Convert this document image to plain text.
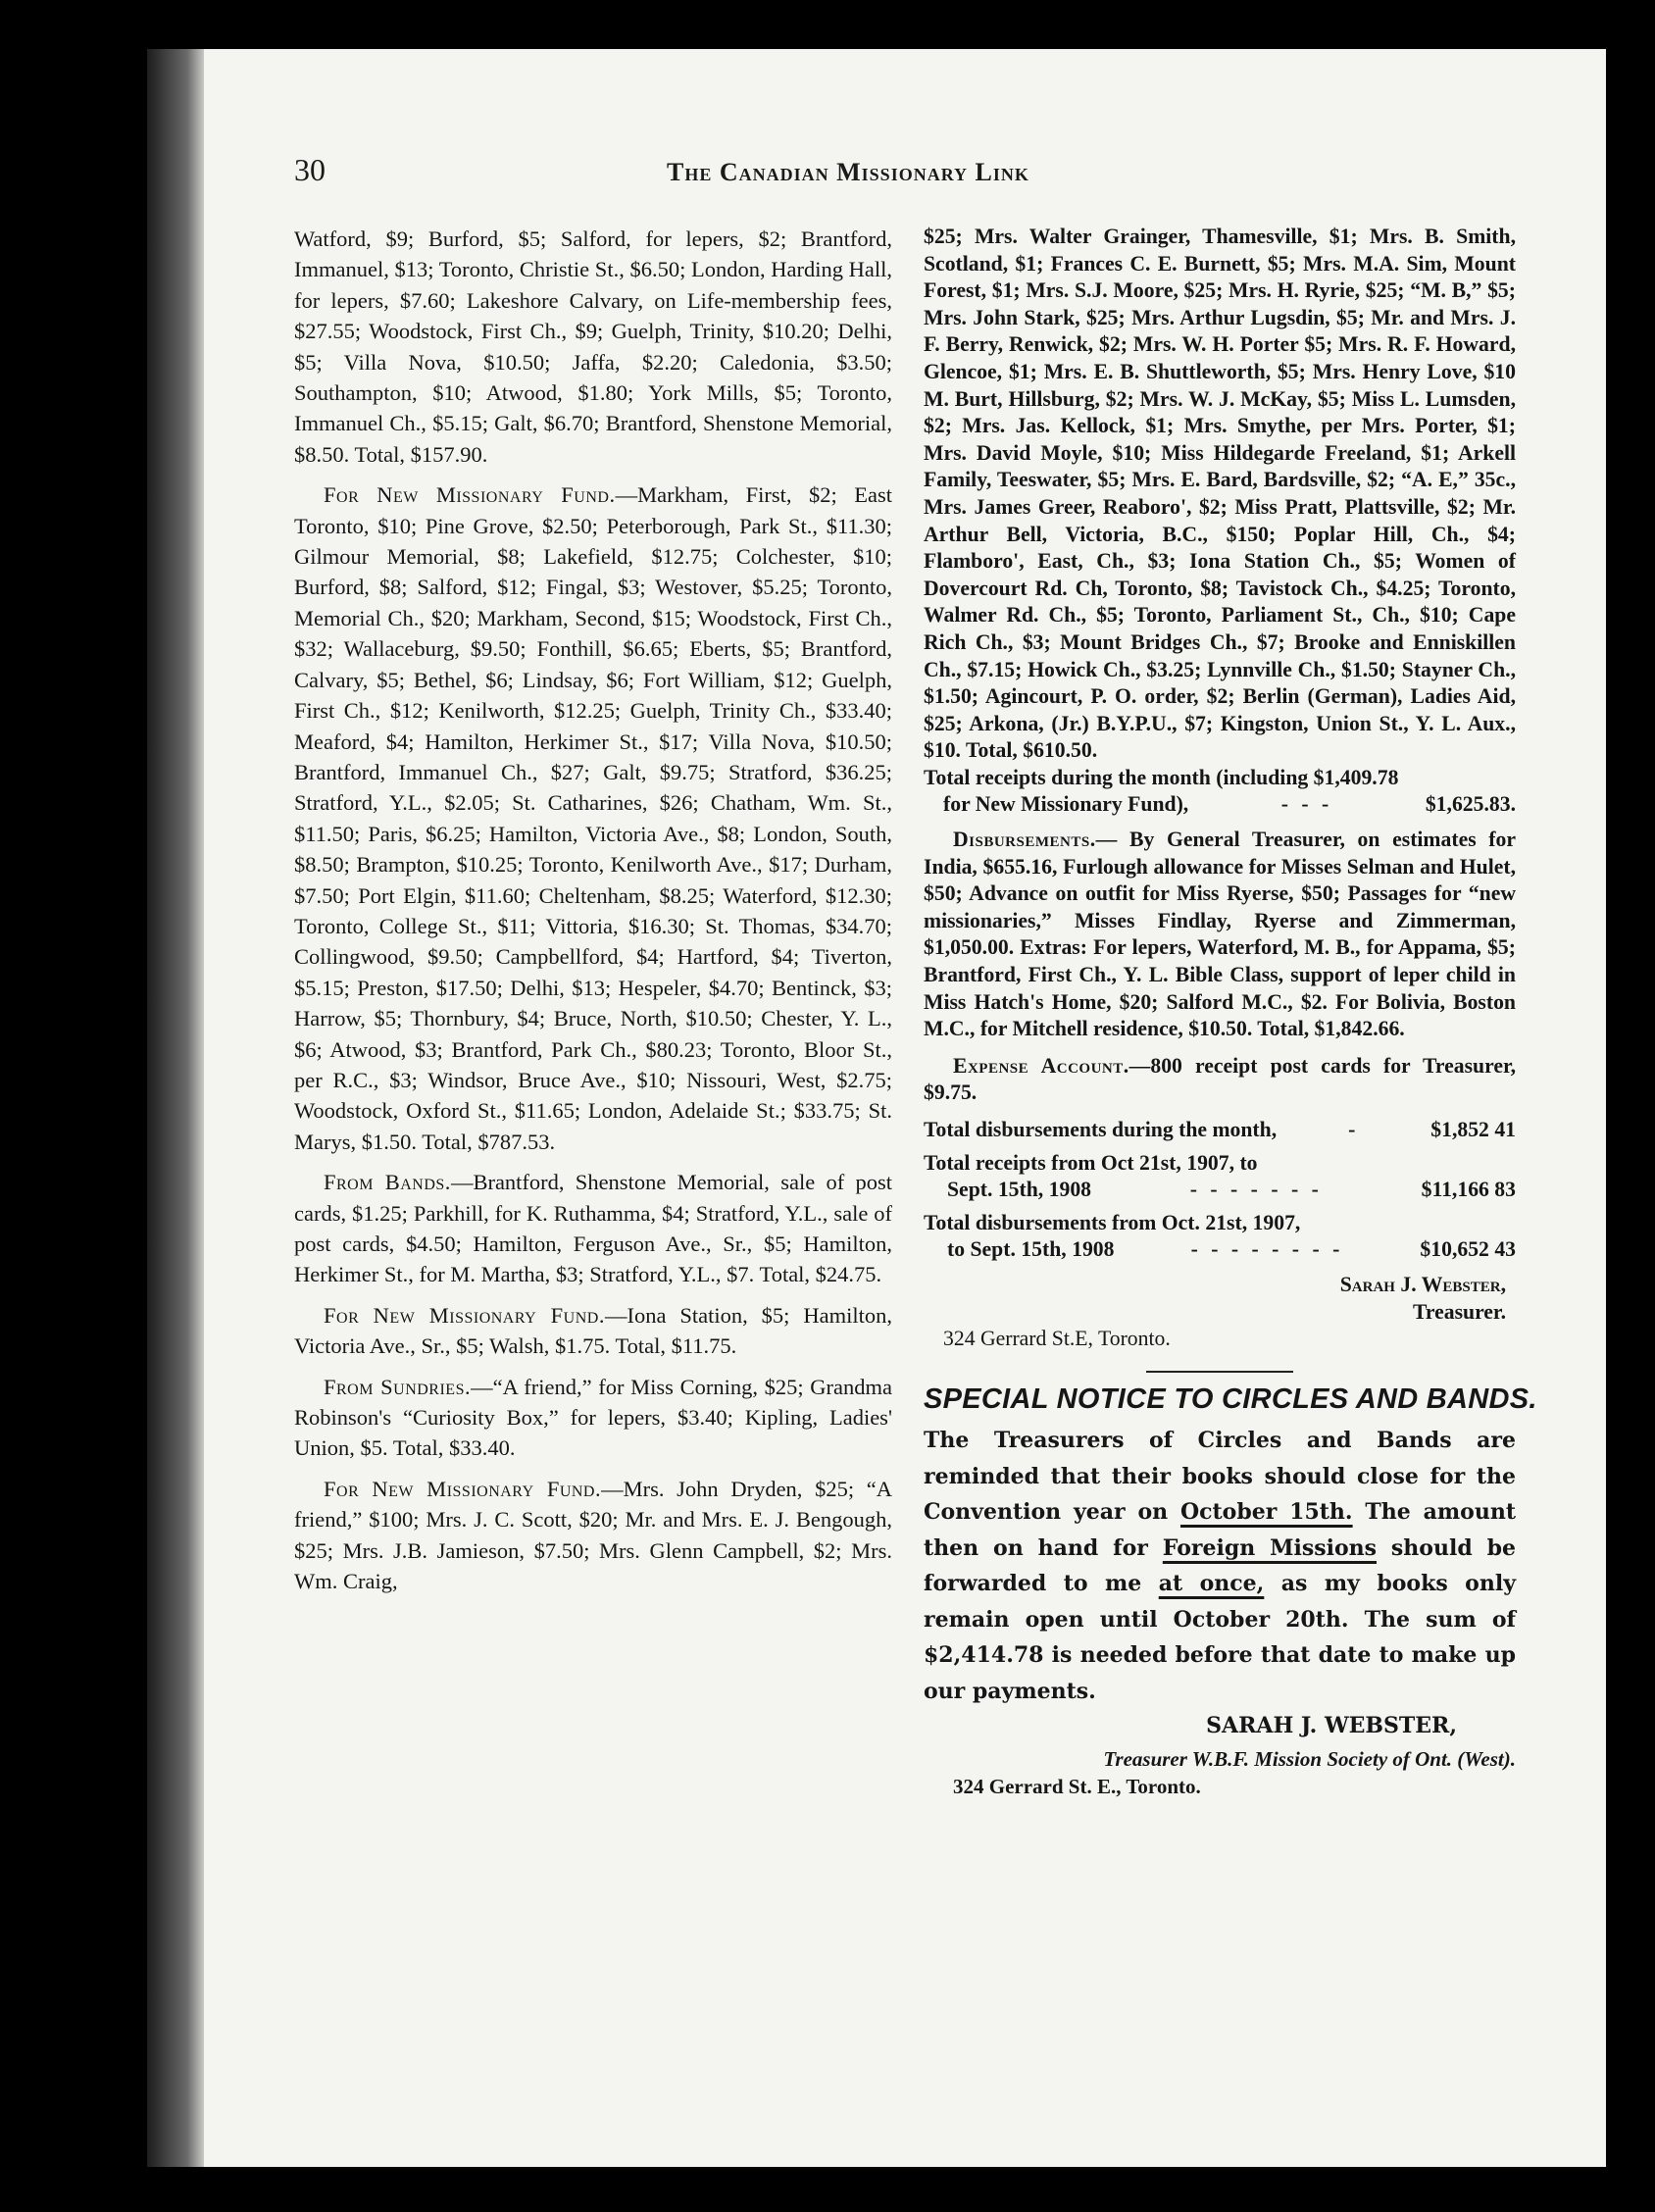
30	The Canadian Missionary Link

Watford, $9; Burford, $5; Salford, for lepers, $2; Brantford, Immanuel, $13; Toronto, Christie St., $6.50; London, Harding Hall, for lepers, $7.60; Lakeshore Calvary, on Life-membership fees, $27.55; Woodstock, First Ch., $9; Guelph, Trinity, $10.20; Delhi, $5; Villa Nova, $10.50; Jaffa, $2.20; Caledonia, $3.50; Southampton, $10; Atwood, $1.80; York Mills, $5; Toronto, Immanuel Ch., $5.15; Galt, $6.70; Brantford, Shenstone Memorial, $8.50. Total, $157.90.

For New Missionary Fund.—Markham, First, $2; East Toronto, $10; Pine Grove, $2.50; Peterborough, Park St., $11.30; Gilmour Memorial, $8; Lakefield, $12.75; Colchester, $10; Burford, $8; Salford, $12; Fingal, $3; Westover, $5.25; Toronto, Memorial Ch., $20; Markham, Second, $15; Woodstock, First Ch., $32; Wallaceburg, $9.50; Fonthill, $6.65; Eberts, $5; Brantford, Calvary, $5; Bethel, $6; Lindsay, $6; Fort William, $12; Guelph, First Ch., $12; Kenilworth, $12.25; Guelph, Trinity Ch., $33.40; Meaford, $4; Hamilton, Herkimer St., $17; Villa Nova, $10.50; Brantford, Immanuel Ch., $27; Galt, $9.75; Stratford, $36.25; Stratford, Y.L., $2.05; St. Catharines, $26; Chatham, Wm. St., $11.50; Paris, $6.25; Hamilton, Victoria Ave., $8; London, South, $8.50; Brampton, $10.25; Toronto, Kenilworth Ave., $17; Durham, $7.50; Port Elgin, $11.60; Cheltenham, $8.25; Waterford, $12.30; Toronto, College St., $11; Vittoria, $16.30; St. Thomas, $34.70; Collingwood, $9.50; Campbellford, $4; Hartford, $4; Tiverton, $5.15; Preston, $17.50; Delhi, $13; Hespeler, $4.70; Bentinck, $3; Harrow, $5; Thornbury, $4; Bruce, North, $10.50; Chester, Y. L., $6; Atwood, $3; Brantford, Park Ch., $80.23; Toronto, Bloor St., per R.C., $3; Windsor, Bruce Ave., $10; Nissouri, West, $2.75; Woodstock, Oxford St., $11.65; London, Adelaide St.; $33.75; St. Marys, $1.50. Total, $787.53.

From Bands.—Brantford, Shenstone Memorial, sale of post cards, $1.25; Parkhill, for K. Ruthamma, $4; Stratford, Y.L., sale of post cards, $4.50; Hamilton, Ferguson Ave., Sr., $5; Hamilton, Herkimer St., for M. Martha, $3; Stratford, Y.L., $7. Total, $24.75.

For New Missionary Fund.—Iona Station, $5; Hamilton, Victoria Ave., Sr., $5; Walsh, $1.75. Total, $11.75.

From Sundries.—“A friend,” for Miss Corning, $25; Grandma Robinson's “Curiosity Box,” for lepers, $3.40; Kipling, Ladies' Union, $5. Total, $33.40.

For New Missionary Fund.—Mrs. John Dryden, $25; “A friend,” $100; Mrs. J. C. Scott, $20; Mr. and Mrs. E. J. Bengough, $25; Mrs. J.B. Jamieson, $7.50; Mrs. Glenn Campbell, $2; Mrs. Wm. Craig,

$25; Mrs. Walter Grainger, Thamesville, $1; Mrs. B. Smith, Scotland, $1; Frances C. E. Burnett, $5; Mrs. M.A. Sim, Mount Forest, $1; Mrs. S.J. Moore, $25; Mrs. H. Ryrie, $25; “M. B,” $5; Mrs. John Stark, $25; Mrs. Arthur Lugsdin, $5; Mr. and Mrs. J. F. Berry, Renwick, $2; Mrs. W. H. Porter $5; Mrs. R. F. Howard, Glencoe, $1; Mrs. E. B. Shuttleworth, $5; Mrs. Henry Love, $10 M. Burt, Hillsburg, $2; Mrs. W. J. McKay, $5; Miss L. Lumsden, $2; Mrs. Jas. Kellock, $1; Mrs. Smythe, per Mrs. Porter, $1; Mrs. David Moyle, $10; Miss Hildegarde Freeland, $1; Arkell Family, Teeswater, $5; Mrs. E. Bard, Bardsville, $2; “A. E,” 35c., Mrs. James Greer, Reaboro', $2; Miss Pratt, Plattsville, $2; Mr. Arthur Bell, Victoria, B.C., $150; Poplar Hill, Ch., $4; Flamboro', East, Ch., $3; Iona Station Ch., $5; Women of Dovercourt Rd. Ch, Toronto, $8; Tavistock Ch., $4.25; Toronto, Walmer Rd. Ch., $5; Toronto, Parliament St., Ch., $10; Cape Rich Ch., $3; Mount Bridges Ch., $7; Brooke and Enniskillen Ch., $7.15; Howick Ch., $3.25; Lynnville Ch., $1.50; Stayner Ch., $1.50; Agincourt, P. O. order, $2; Berlin (German), Ladies Aid, $25; Arkona, (Jr.) B.Y.P.U., $7; Kingston, Union St., Y. L. Aux., $10. Total, $610.50.

Total receipts during the month (including $1,409.78
for New Missionary Fund),	- - -	$1,625.83.

Disbursements.— By General Treasurer, on estimates for India, $655.16, Furlough allowance for Misses Selman and Hulet, $50; Advance on outfit for Miss Ryerse, $50; Passages for “new missionaries,” Misses Findlay, Ryerse and Zimmerman, $1,050.00. Extras: For lepers, Waterford, M. B., for Appama, $5; Brantford, First Ch., Y. L. Bible Class, support of leper child in Miss Hatch's Home, $20; Salford M.C., $2. For Bolivia, Boston M.C., for Mitchell residence, $10.50. Total, $1,842.66.

Expense Account.—800 receipt post cards for Treasurer, $9.75.

Total disbursements during the month,	-	$1,852 41
Total receipts from Oct 21st, 1907, to
Sept. 15th, 1908	- - - - - - -	$11,166 83
Total disbursements from Oct. 21st, 1907,
to Sept. 15th, 1908	- - - - - - - -	$10,652 43
Sarah J. Webster,
Treasurer.
324 Gerrard St.E, Toronto.
SPECIAL NOTICE TO CIRCLES AND BANDS.
The Treasurers of Circles and Bands are reminded that their books should close for the Convention year on October 15th. The amount then on hand for Foreign Missions should be forwarded to me at once, as my books only remain open until October 20th. The sum of $2,414.78 is needed before that date to make up our payments.
SARAH J. WEBSTER,
Treasurer W.B.F. Mission Society of Ont. (West).
324 Gerrard St. E., Toronto.
